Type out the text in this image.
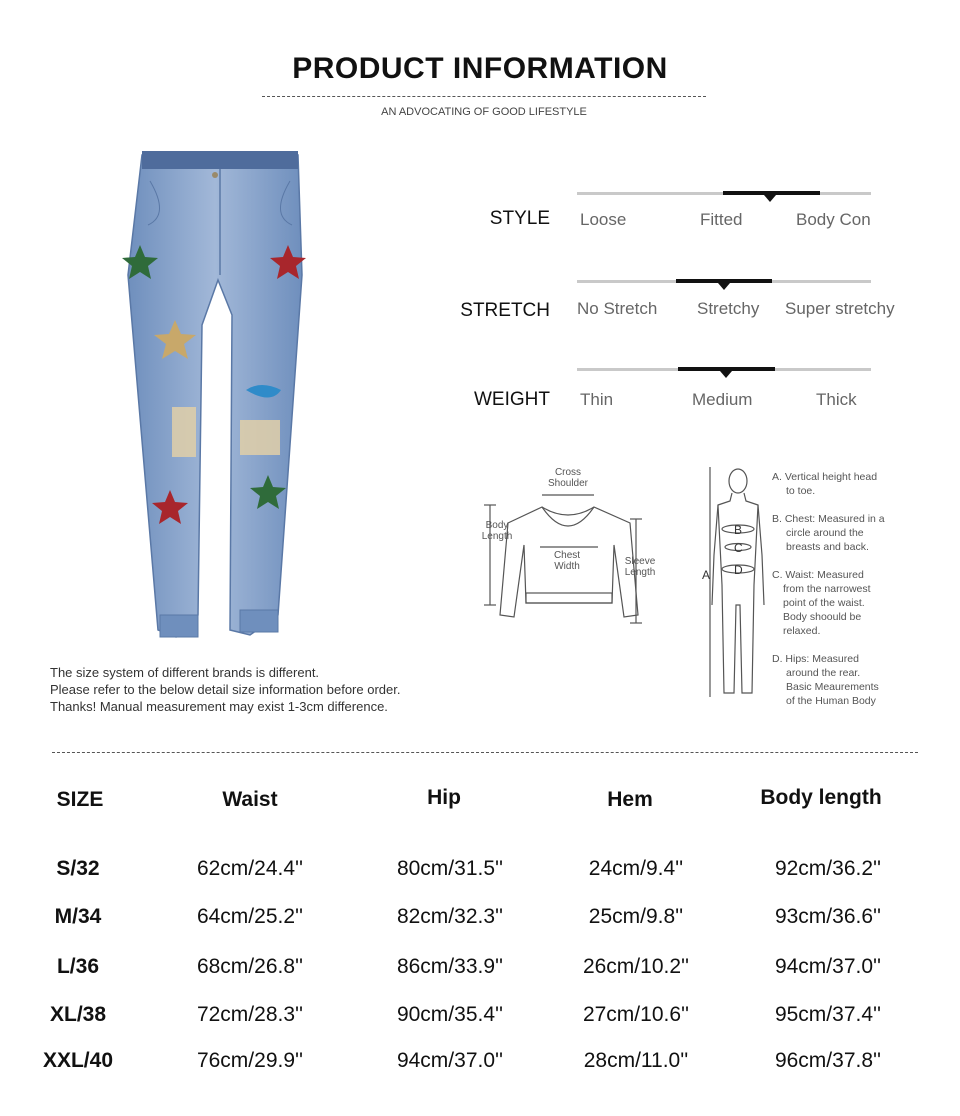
PRODUCT INFORMATION
AN ADVOCATING OF GOOD LIFESTYLE
STYLE Loose	Fitted	Body Con
STRETCH No Stretch Stretchy Super stretchy
WEIGHT Thin	Medium	Thick
Cross
Shoulder
Body
Length
Chest
Width	Sleeve
Length	A
B
C
D
A. Vertical height head
to toe.
B. Chest: Measured in a
circle around the
breasts and back.
C. Waist: Measured
from the narrowest
point of the waist.
Body shoould be
relaxed.
D. Hips: Measured
around the rear.
Basic Meaurements
of the Human Body
The size system of different brands is different.
Please refer to the below detail size information before order.
Thanks! Manual measurement may exist 1-3cm difference.
SIZE	Waist	Hip	Hem	Body length
S/32	62cm/24.4''	80cm/31.5''	24cm/9.4''	92cm/36.2''
M/34	64cm/25.2''	82cm/32.3''	25cm/9.8''	93cm/36.6''
L/36	68cm/26.8''	86cm/33.9''	26cm/10.2''	94cm/37.0''
XL/38	72cm/28.3''	90cm/35.4''	27cm/10.6''	95cm/37.4''
XXL/40	76cm/29.9''	94cm/37.0''	28cm/11.0''	96cm/37.8''
